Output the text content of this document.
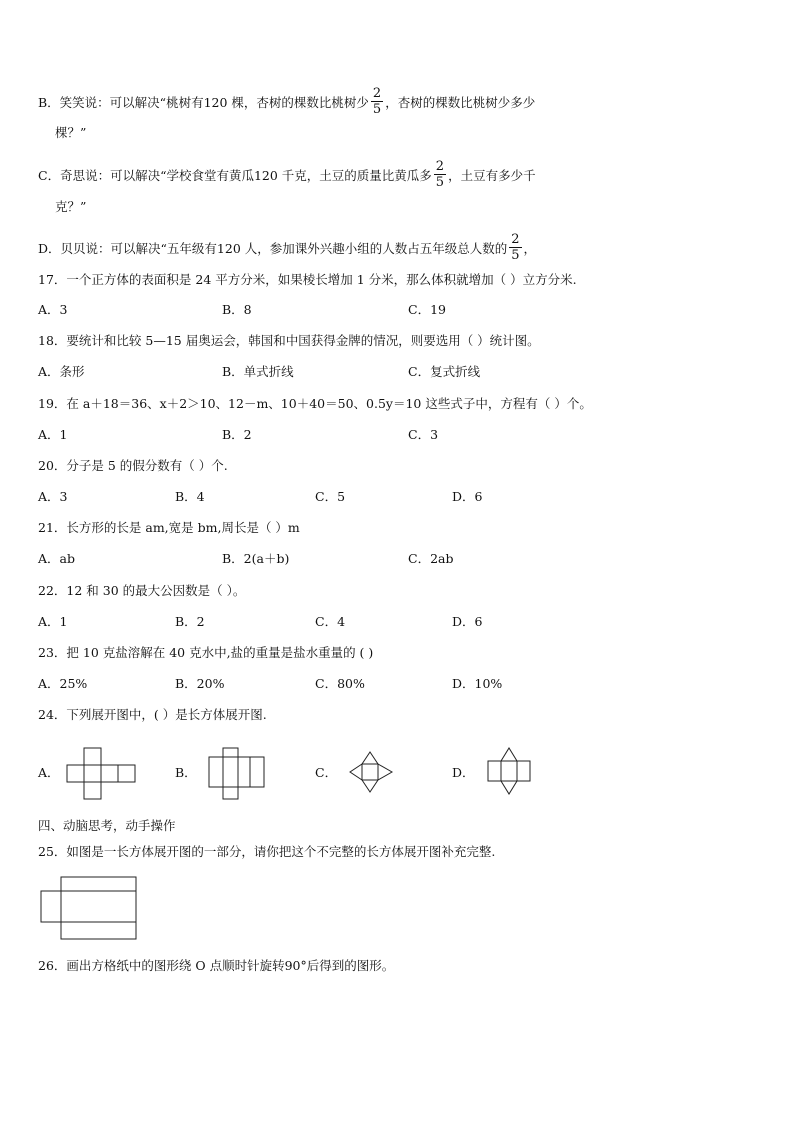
B．笑笑说：可以解决“桃树有120 棵，杏树的棵数比桃树少 $\frac{2}{5}$ ，杏树的棵数比桃树少多少
棵？”
C．奇思说：可以解决“学校食堂有黄瓜120 千克，土豆的质量比黄瓜多 $\frac{2}{5}$ ，土豆有多少千
克？”
D．贝贝说：可以解决“五年级有120 人，参加课外兴趣小组的人数占五年级总人数的 $\frac{2}{5}$ ，
17．一个正方体的表面积是 24 平方分米，如果棱长增加 1 分米，那么体积就增加（ ）立方分米.
A．3	B．8	C．19
18．要统计和比较 5—15 届奥运会，韩国和中国获得金牌的情况，则要选用（ ）统计图。
A．条形	B．单式折线	C．复式折线
19．在 a＋18＝36、x＋2＞10、12－m、10＋40＝50、0.5y＝10 这些式子中，方程有（ ）个。
A．1	B．2	C．3
20．分子是 5 的假分数有（ ）个.
A．3	B．4	C．5	D．6
21．长方形的长是 am,宽是 bm,周长是（ ）m
A．ab	B．2(a＋b)	C．2ab
22．12 和 30 的最大公因数是（ ）。
A．1	B．2	C．4	D．6
23．把 10 克盐溶解在 40 克水中,盐的重量是盐水重量的 ( )
A．25%	B．20%	C．80%	D．10%
24．下列展开图中，( ）是长方体展开图.
A．	B．	C．	D．
四、动脑思考，动手操作
25．如图是一长方体展开图的一部分，请你把这个不完整的长方体展开图补充完整.
26．画出方格纸中的图形绕 O 点顺时针旋转90°后得到的图形。
